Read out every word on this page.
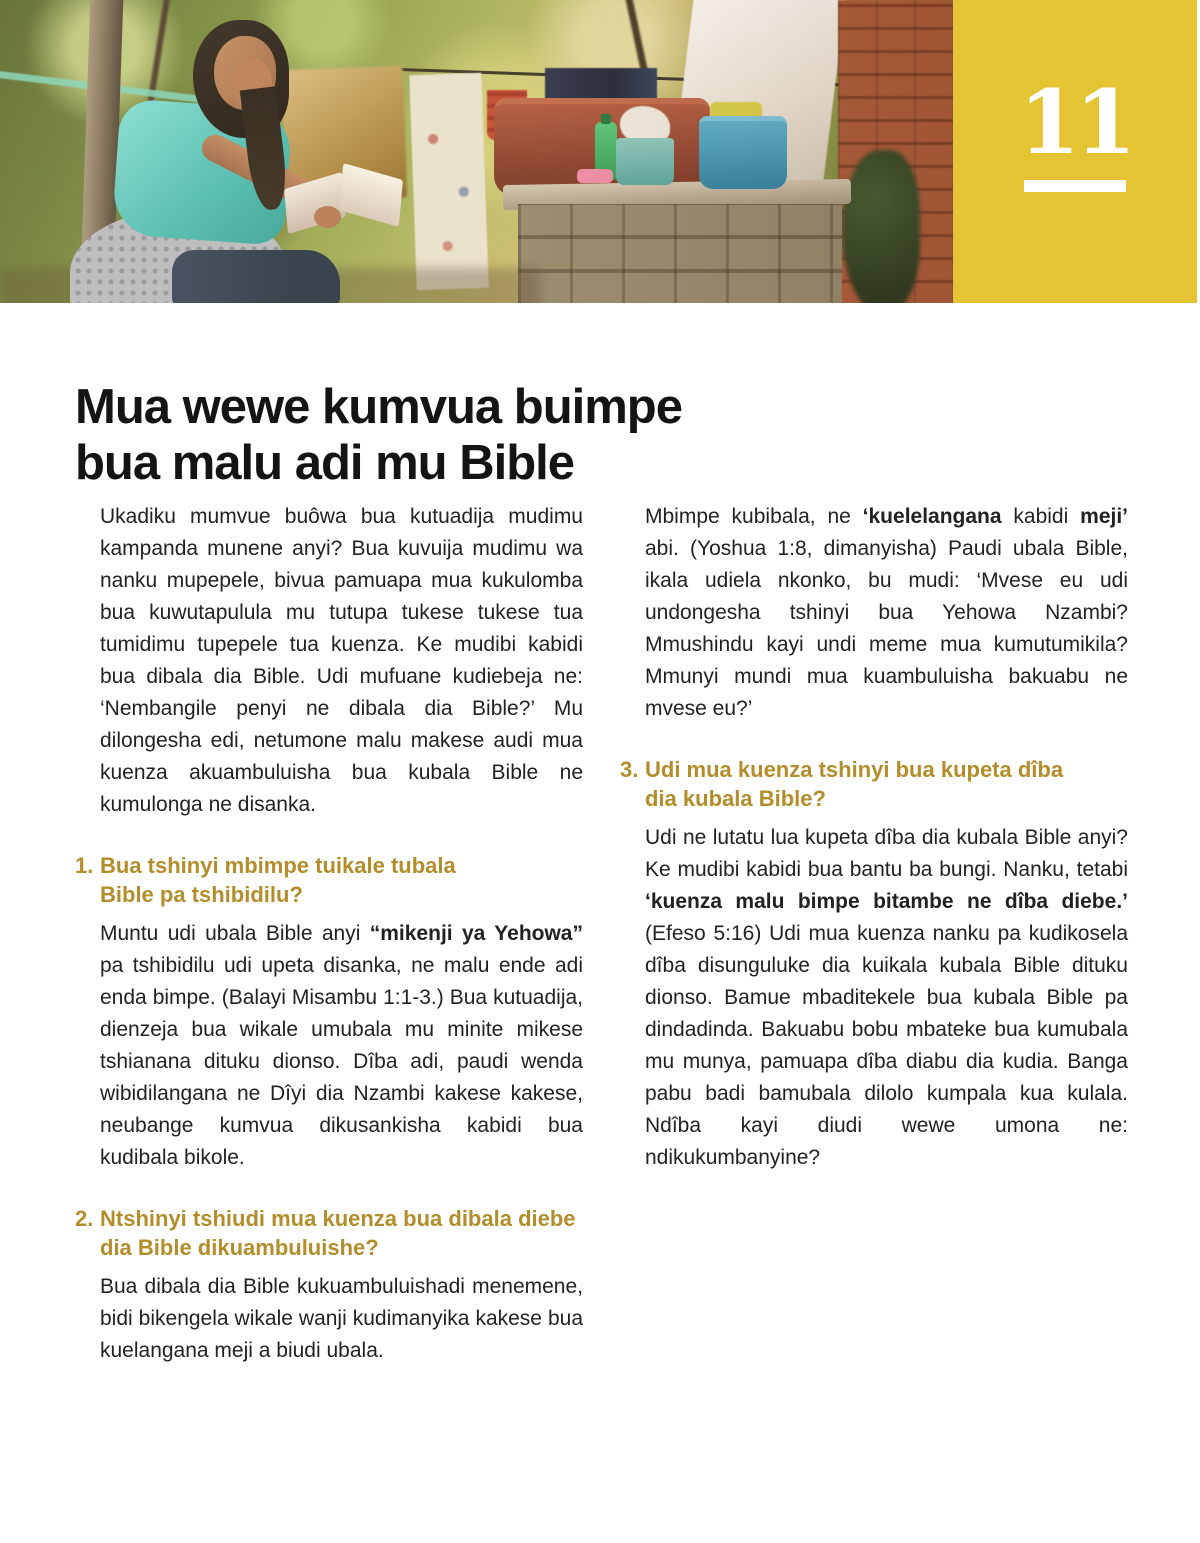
11
Mua wewe kumvua buimpe
bua malu adi mu Bible

Ukadiku mumvue buôwa bua kutuadija mudimu kampanda munene anyi? Bua kuvuija mudimu wa nanku mupepele, bivua pamuapa mua kukulomba bua kuwutapulula mu tutupa tukese tukese tua tumidimu tupepele tua kuenza. Ke mudibi kabidi bua dibala dia Bible. Udi mufuane kudiebeja ne: ‘Nembangile penyi ne dibala dia Bible?’ Mu dilongesha edi, netumone malu makese audi mua kuenza akuambuluisha bua kubala Bible ne kumulonga ne disanka.

1. Bua tshinyi mbimpe tuikale tubala Bible pa tshibidilu?

Muntu udi ubala Bible anyi “mikenji ya Yehowa” pa tshibidilu udi upeta disanka, ne malu ende adi enda bimpe. (Balayi Misambu 1:1-3.) Bua kutuadija, dienzeja bua wikale umubala mu minite mikese tshianana dituku dionso. Dîba adi, paudi wenda wibidilangana ne Dîyi dia Nzambi kakese kakese, neubange kumvua dikusankisha kabidi bua kudibala bikole.

2. Ntshinyi tshiudi mua kuenza bua dibala diebe dia Bible dikuambuluishe?

Bua dibala dia Bible kukuambuluishadi menemene, bidi bikengela wikale wanji kudimanyika kakese bua kuelangana meji a biudi ubala.

Mbimpe kubibala, ne ‘kuelelangana kabidi meji’ abi. (Yoshua 1:8, dimanyisha) Paudi ubala Bible, ikala udiela nkonko, bu mudi: ‘Mvese eu udi undongesha tshinyi bua Yehowa Nzambi? Mmushindu kayi undi meme mua kumutumikila? Mmunyi mundi mua kuambuluisha bakuabu ne mvese eu?’

3. Udi mua kuenza tshinyi bua kupeta dîba dia kubala Bible?

Udi ne lutatu lua kupeta dîba dia kubala Bible anyi? Ke mudibi kabidi bua bantu ba bungi. Nanku, tetabi ‘kuenza malu bimpe bitambe ne dîba diebe.’ (Efeso 5:16) Udi mua kuenza nanku pa kudikosela dîba disunguluke dia kuikala kubala Bible dituku dionso. Bamue mbaditekele bua kubala Bible pa dindadinda. Bakuabu bobu mbateke bua kumubala mu munya, pamuapa dîba diabu dia kudia. Banga pabu badi bamubala dilolo kumpala kua kulala. Ndîba kayi diudi wewe umona ne: ndikukumbanyine?
